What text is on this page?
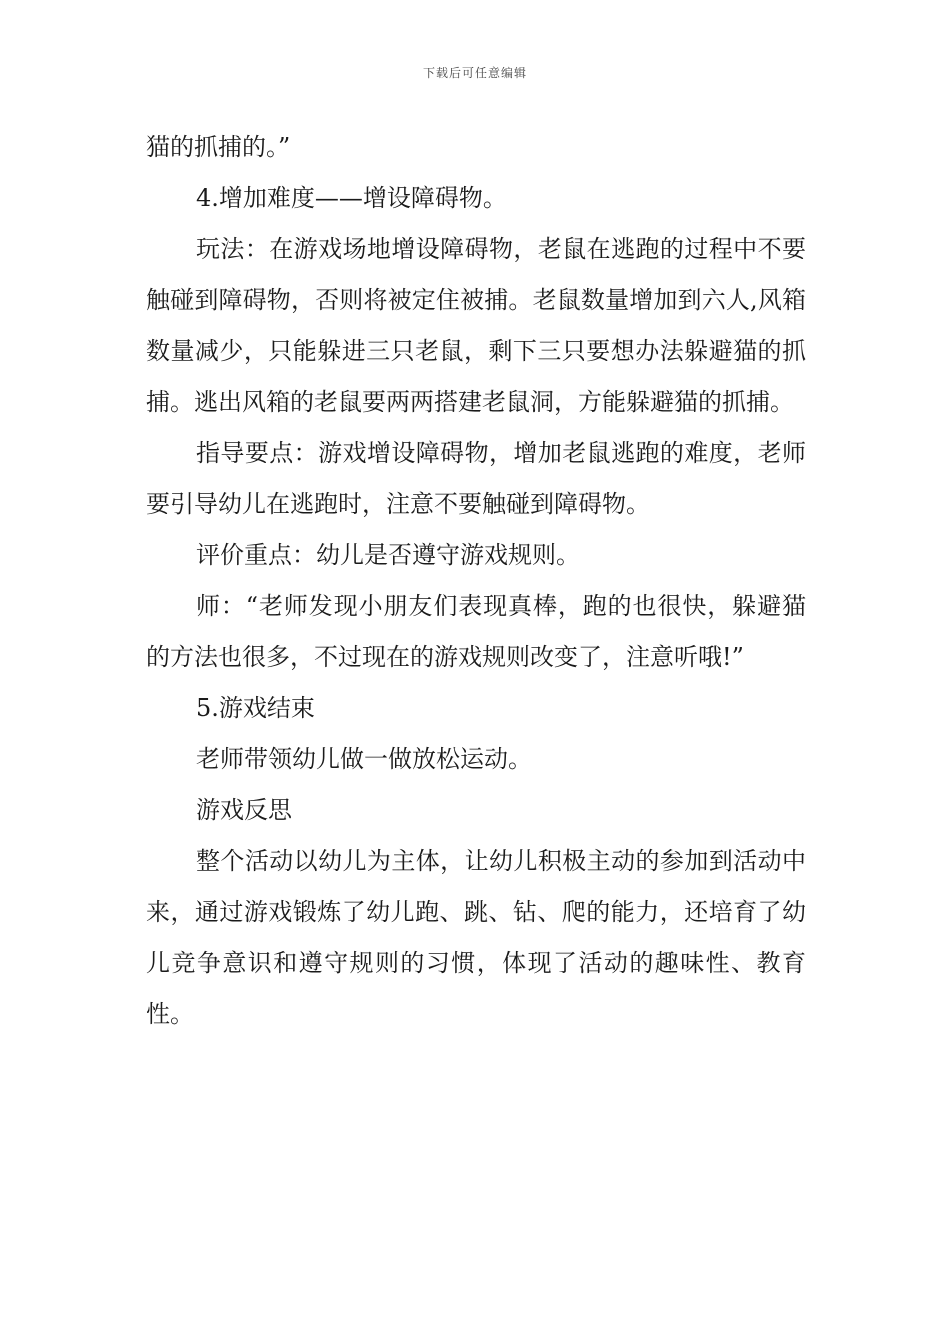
下载后可任意编辑

猫的抓捕的。”

4.增加难度——增设障碍物。

玩法：在游戏场地增设障碍物，老鼠在逃跑的过程中不要触碰到障碍物，否则将被定住被捕。老鼠数量增加到六人,风箱数量减少，只能躲进三只老鼠，剩下三只要想办法躲避猫的抓捕。逃出风箱的老鼠要两两搭建老鼠洞，方能躲避猫的抓捕。

指导要点：游戏增设障碍物，增加老鼠逃跑的难度，老师要引导幼儿在逃跑时，注意不要触碰到障碍物。

评价重点：幼儿是否遵守游戏规则。

师：“老师发现小朋友们表现真棒，跑的也很快，躲避猫的方法也很多，不过现在的游戏规则改变了，注意听哦!”

5.游戏结束

老师带领幼儿做一做放松运动。

游戏反思

整个活动以幼儿为主体，让幼儿积极主动的参加到活动中来，通过游戏锻炼了幼儿跑、跳、钻、爬的能力，还培育了幼儿竞争意识和遵守规则的习惯，体现了活动的趣味性、教育性。
